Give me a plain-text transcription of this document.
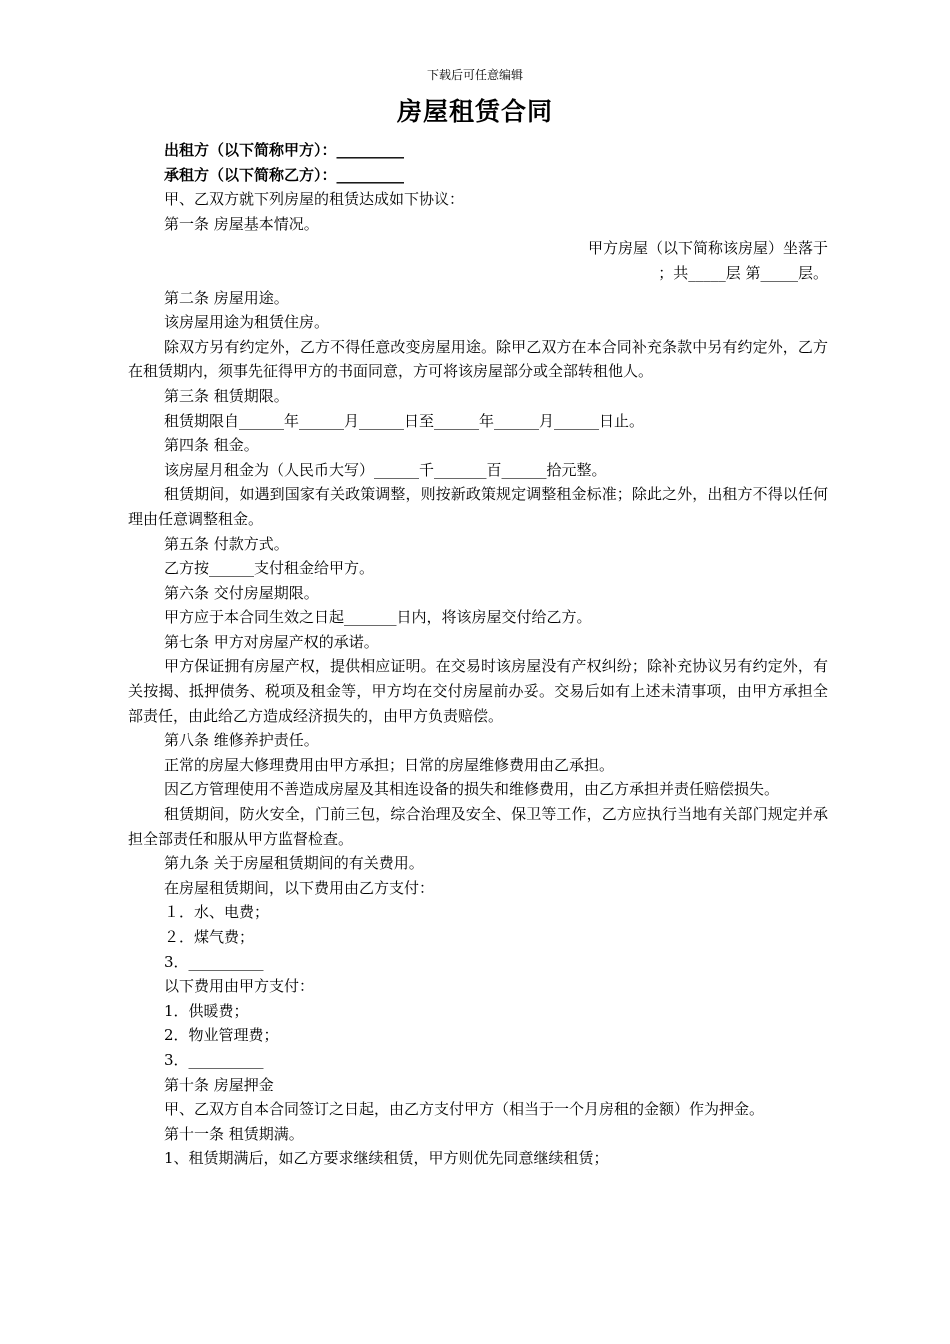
下载后可任意编辑
房屋租赁合同

出租方（以下简称甲方）：_________

承租方（以下简称乙方）：_________

甲、乙双方就下列房屋的租赁达成如下协议：

第一条 房屋基本情况。

甲方房屋（以下简称该房屋）坐落于

；共_____层 第_____层。

第二条 房屋用途。

该房屋用途为租赁住房。

除双方另有约定外，乙方不得任意改变房屋用途。除甲乙双方在本合同补充条款中另有约定外，乙方在租赁期内，须事先征得甲方的书面同意，方可将该房屋部分或全部转租他人。

第三条 租赁期限。

租赁期限自______年______月______日至______年______月______日止。

第四条 租金。

该房屋月租金为（人民币大写）______千_______百______拾元整。

租赁期间，如遇到国家有关政策调整，则按新政策规定调整租金标准；除此之外，出租方不得以任何理由任意调整租金。

第五条 付款方式。

乙方按______支付租金给甲方。

第六条 交付房屋期限。

甲方应于本合同生效之日起_______日内，将该房屋交付给乙方。

第七条 甲方对房屋产权的承诺。

甲方保证拥有房屋产权，提供相应证明。在交易时该房屋没有产权纠纷；除补充协议另有约定外，有关按揭、抵押债务、税项及租金等，甲方均在交付房屋前办妥。交易后如有上述未清事项，由甲方承担全部责任，由此给乙方造成经济损失的，由甲方负责赔偿。

第八条 维修养护责任。

正常的房屋大修理费用由甲方承担；日常的房屋维修费用由乙承担。

因乙方管理使用不善造成房屋及其相连设备的损失和维修费用，由乙方承担并责任赔偿损失。

租赁期间，防火安全，门前三包，综合治理及安全、保卫等工作，乙方应执行当地有关部门规定并承担全部责任和服从甲方监督检查。

第九条 关于房屋租赁期间的有关费用。

在房屋租赁期间，以下费用由乙方支付：

１．水、电费；

２．煤气费；

3．__________

以下费用由甲方支付：

1．供暖费；

2．物业管理费；

3．__________

第十条 房屋押金

甲、乙双方自本合同签订之日起，由乙方支付甲方（相当于一个月房租的金额）作为押金。

第十一条 租赁期满。

1、租赁期满后，如乙方要求继续租赁，甲方则优先同意继续租赁；
